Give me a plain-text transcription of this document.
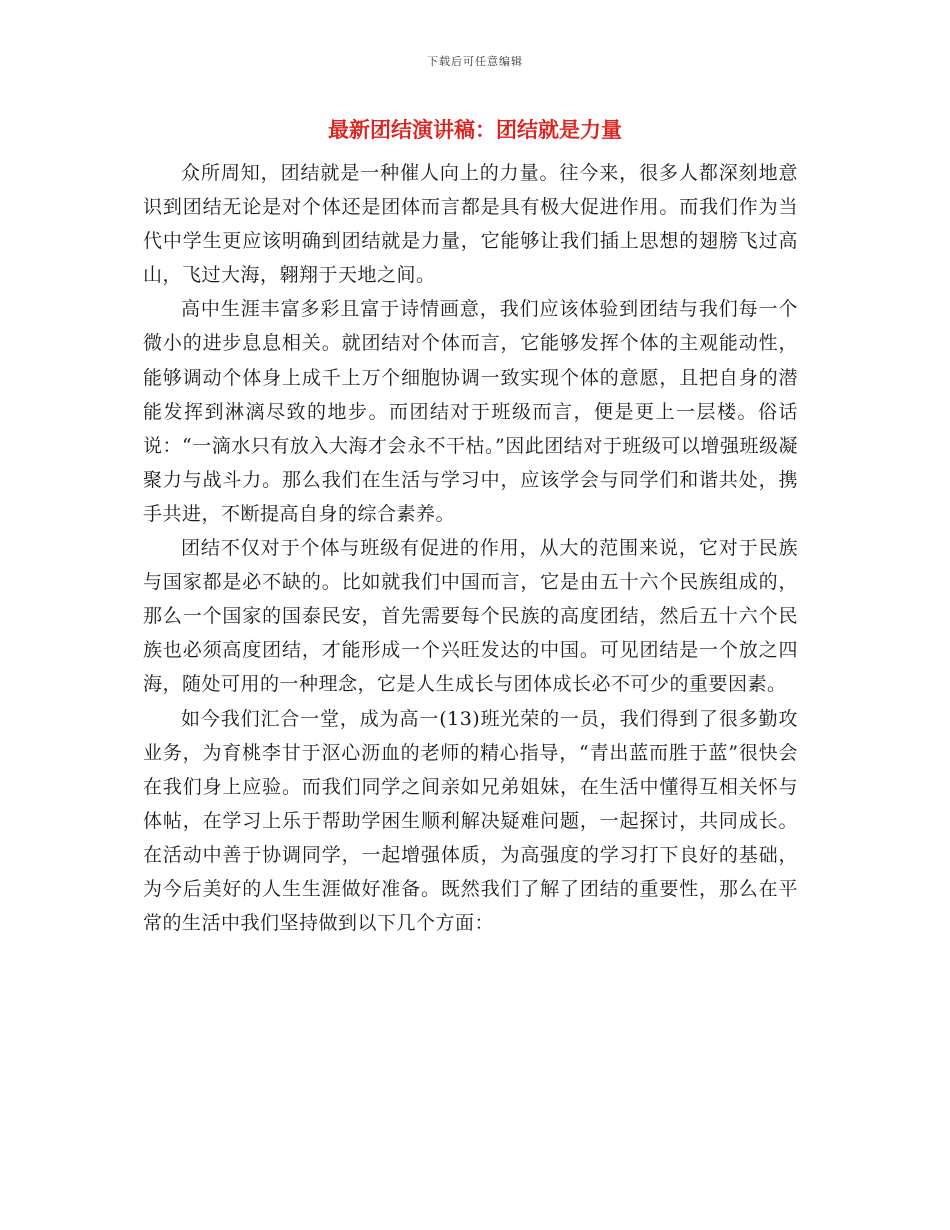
下载后可任意编辑
最新团结演讲稿：团结就是力量

众所周知，团结就是一种催人向上的力量。往今来，很多人都深刻地意识到团结无论是对个体还是团体而言都是具有极大促进作用。而我们作为当代中学生更应该明确到团结就是力量，它能够让我们插上思想的翅膀飞过高山，飞过大海，翱翔于天地之间。

高中生涯丰富多彩且富于诗情画意，我们应该体验到团结与我们每一个微小的进步息息相关。就团结对个体而言，它能够发挥个体的主观能动性，能够调动个体身上成千上万个细胞协调一致实现个体的意愿，且把自身的潜能发挥到淋漓尽致的地步。而团结对于班级而言，便是更上一层楼。俗话说：“一滴水只有放入大海才会永不干枯。”因此团结对于班级可以增强班级凝聚力与战斗力。那么我们在生活与学习中，应该学会与同学们和谐共处，携手共进，不断提高自身的综合素养。

团结不仅对于个体与班级有促进的作用，从大的范围来说，它对于民族与国家都是必不缺的。比如就我们中国而言，它是由五十六个民族组成的，那么一个国家的国泰民安，首先需要每个民族的高度团结，然后五十六个民族也必须高度团结，才能形成一个兴旺发达的中国。可见团结是一个放之四海，随处可用的一种理念，它是人生成长与团体成长必不可少的重要因素。

如今我们汇合一堂，成为高一(13)班光荣的一员，我们得到了很多勤攻业务，为育桃李甘于沤心沥血的老师的精心指导，“青出蓝而胜于蓝”很快会在我们身上应验。而我们同学之间亲如兄弟姐妹，在生活中懂得互相关怀与体帖，在学习上乐于帮助学困生顺利解决疑难问题，一起探讨，共同成长。在活动中善于协调同学，一起增强体质，为高强度的学习打下良好的基础，为今后美好的人生生涯做好准备。既然我们了解了团结的重要性，那么在平常的生活中我们坚持做到以下几个方面：
